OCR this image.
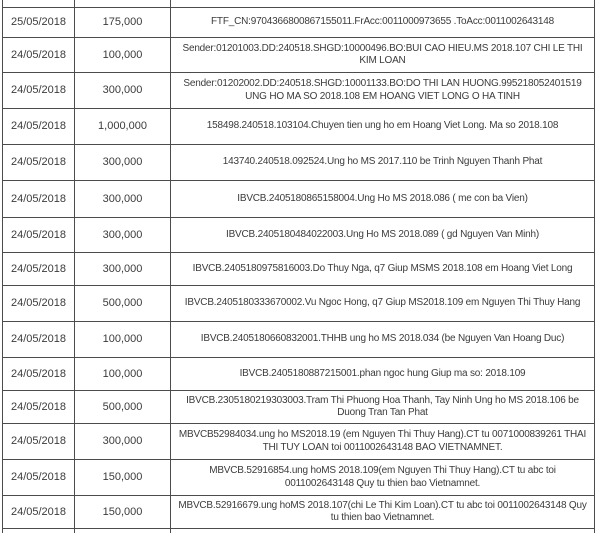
25/05/2018	175,000	FTF_CN:9704366800867155011.FrAcc:0011000973655 .ToAcc:0011002643148
24/05/2018	100,000	Sender:01201003.DD:240518.SHGD:10000496.BO:BUI CAO HIEU.MS 2018.107 CHI LE THI KIM LOAN
24/05/2018	300,000	Sender:01202002.DD:240518.SHGD:10001133.BO:DO THI LAN HUONG.995218052401519 UNG HO MA SO 2018.108 EM HOANG VIET LONG O HA TINH
24/05/2018	1,000,000	158498.240518.103104.Chuyen tien ung ho em Hoang Viet Long. Ma so 2018.108
24/05/2018	300,000	143740.240518.092524.Ung ho MS 2017.110 be Trinh Nguyen Thanh Phat
24/05/2018	300,000	IBVCB.2405180865158004.Ung Ho MS 2018.086 ( me con ba Vien)
24/05/2018	300,000	IBVCB.2405180484022003.Ung Ho MS 2018.089 ( gd Nguyen Van Minh)
24/05/2018	300,000	IBVCB.2405180975816003.Do Thuy Nga, q7 Giup MSMS 2018.108 em Hoang Viet Long
24/05/2018	500,000	IBVCB.2405180333670002.Vu Ngoc Hong, q7 Giup MS2018.109 em Nguyen Thi Thuy Hang
24/05/2018	100,000	IBVCB.2405180660832001.THHB ung ho MS 2018.034 (be Nguyen Van Hoang Duc)
24/05/2018	100,000	IBVCB.2405180887215001.phan ngoc hung Giup ma so: 2018.109
24/05/2018	500,000	IBVCB.2305180219303003.Tram Thi Phuong Hoa Thanh, Tay Ninh Ung ho MS 2018.106 be Duong Tran Tan Phat
24/05/2018	300,000	MBVCB52984034.ung ho MS2018.19 (em Nguyen Thi Thuy Hang).CT tu 0071000839261 THAI THI TUY LOAN toi 0011002643148 BAO VIETNAMNET.
24/05/2018	150,000	MBVCB.52916854.ung hoMS 2018.109(em Nguyen Thi Thuy Hang).CT tu abc toi 0011002643148 Quy tu thien bao Vietnamnet.
24/05/2018	150,000	MBVCB.52916679.ung hoMS 2018.107(chi Le Thi Kim Loan).CT tu abc toi 0011002643148 Quy tu thien bao Vietnamnet.
